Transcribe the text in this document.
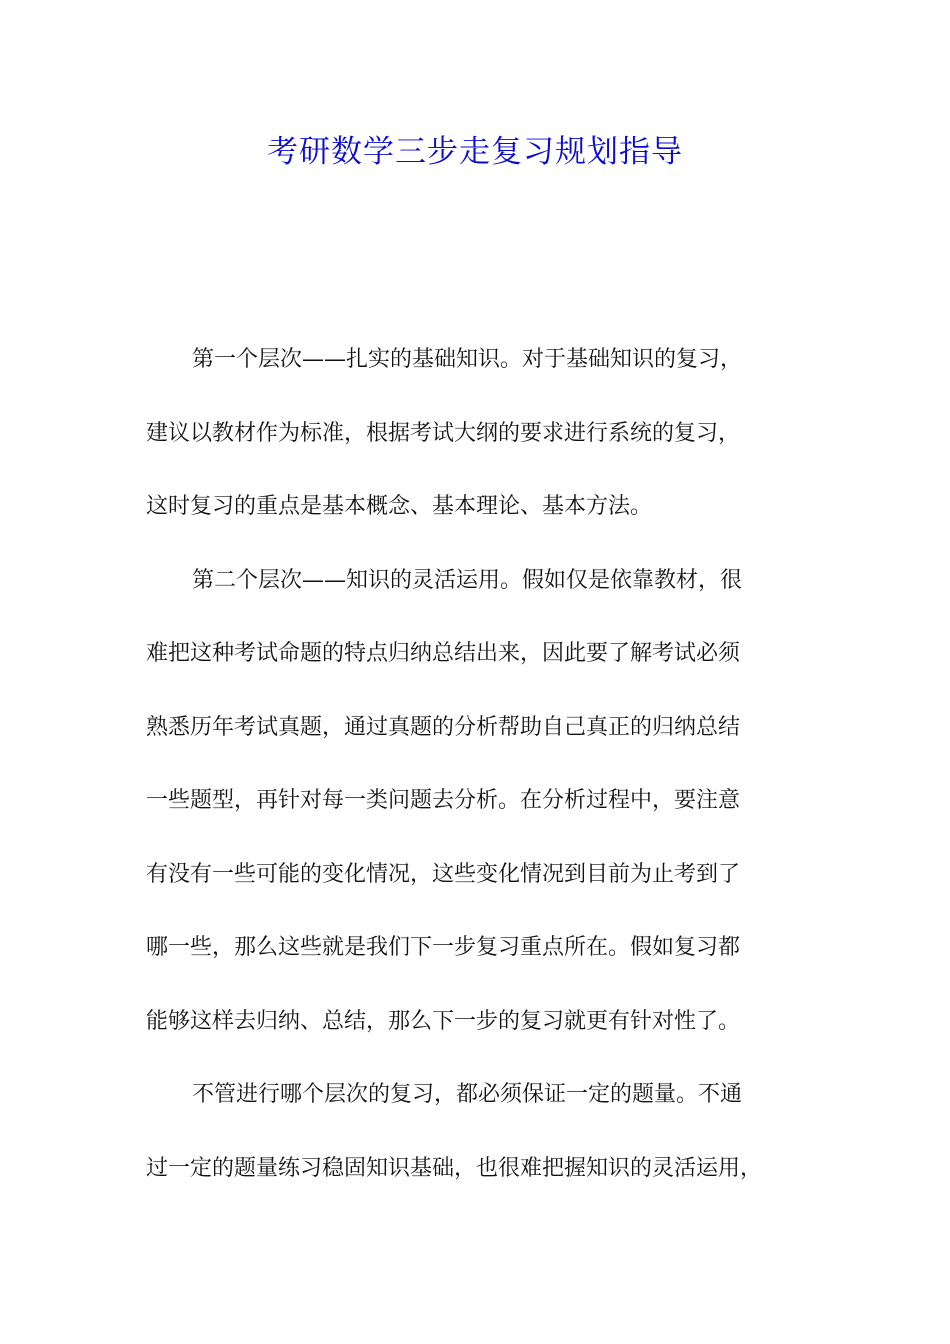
考研数学三步走复习规划指导
第一个层次——扎实的基础知识。对于基础知识的复习，
建议以教材作为标准，根据考试大纲的要求进行系统的复习，
这时复习的重点是基本概念、基本理论、基本方法。
第二个层次——知识的灵活运用。假如仅是依靠教材，很
难把这种考试命题的特点归纳总结出来，因此要了解考试必须
熟悉历年考试真题，通过真题的分析帮助自己真正的归纳总结
一些题型，再针对每一类问题去分析。在分析过程中，要注意
有没有一些可能的变化情况，这些变化情况到目前为止考到了
哪一些，那么这些就是我们下一步复习重点所在。假如复习都
能够这样去归纳、总结，那么下一步的复习就更有针对性了。
不管进行哪个层次的复习，都必须保证一定的题量。不通
过一定的题量练习稳固知识基础，也很难把握知识的灵活运用，
